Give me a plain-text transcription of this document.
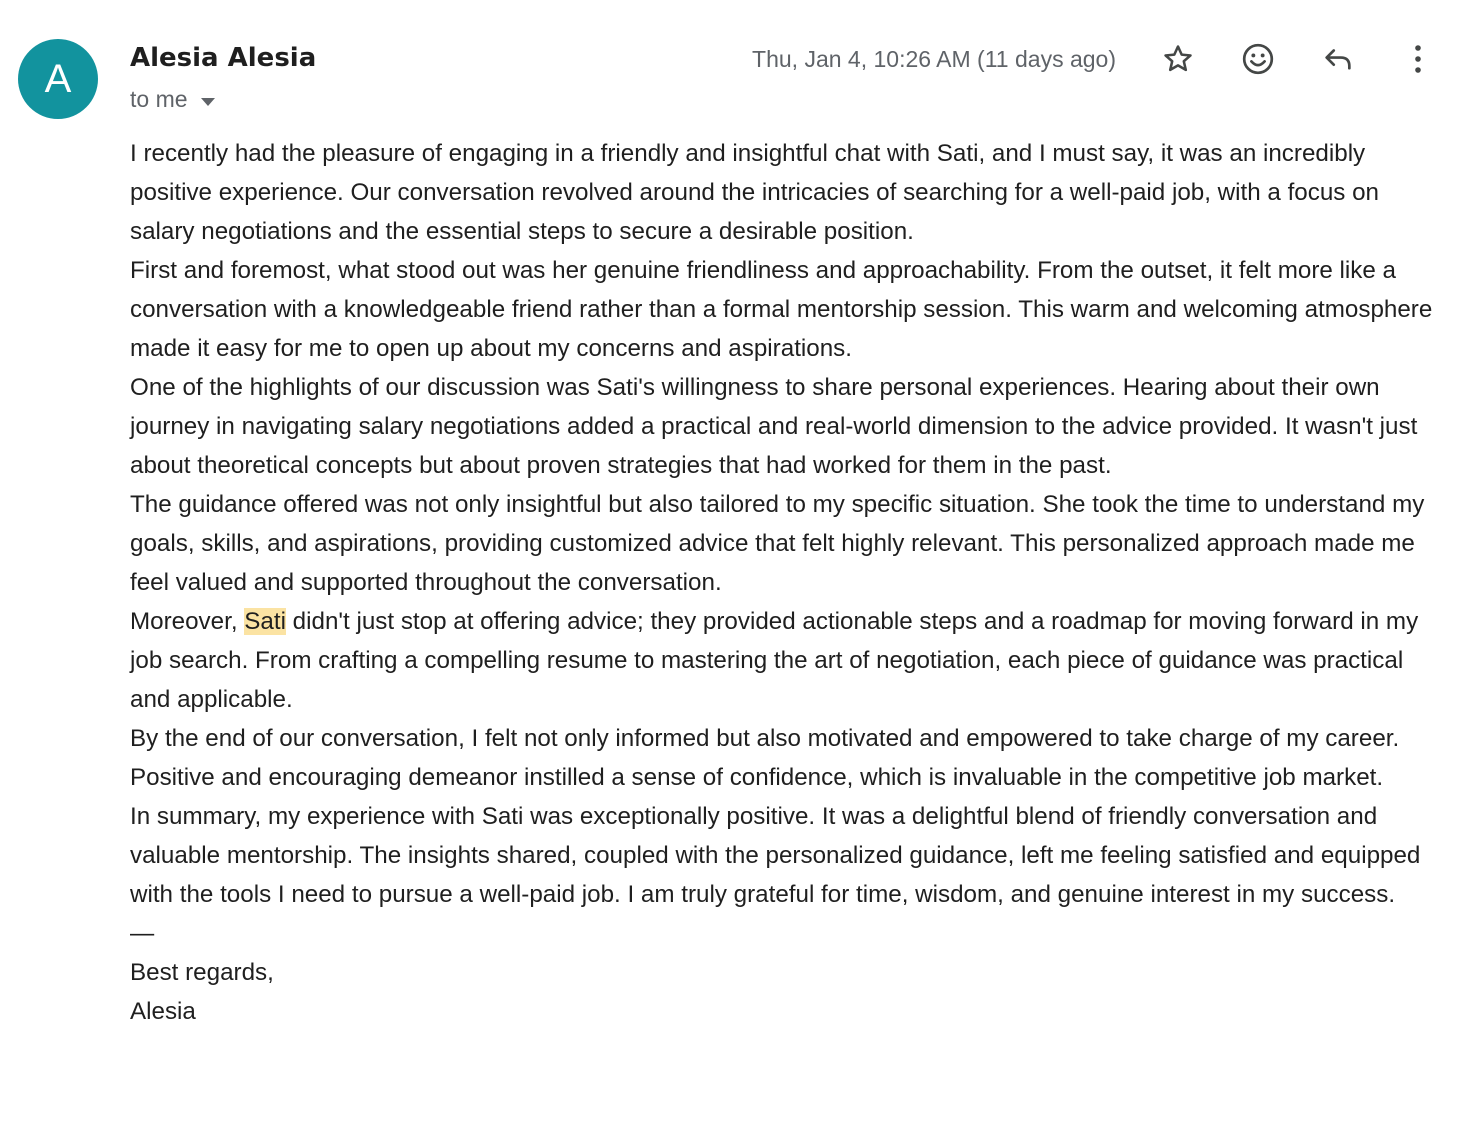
A	Alesia Alesia
to me
Thu, Jan 4, 10:26 AM (11 days ago)

I recently had the pleasure of engaging in a friendly and insightful chat with Sati, and I must say, it was an incredibly positive experience. Our conversation revolved around the intricacies of searching for a well-paid job, with a focus on salary negotiations and the essential steps to secure a desirable position.

First and foremost, what stood out was her genuine friendliness and approachability. From the outset, it felt more like a conversation with a knowledgeable friend rather than a formal mentorship session. This warm and welcoming atmosphere made it easy for me to open up about my concerns and aspirations.

One of the highlights of our discussion was Sati's willingness to share personal experiences. Hearing about their own journey in navigating salary negotiations added a practical and real-world dimension to the advice provided. It wasn't just about theoretical concepts but about proven strategies that had worked for them in the past.

The guidance offered was not only insightful but also tailored to my specific situation. She took the time to understand my goals, skills, and aspirations, providing customized advice that felt highly relevant. This personalized approach made me feel valued and supported throughout the conversation.

Moreover, Sati didn't just stop at offering advice; they provided actionable steps and a roadmap for moving forward in my job search. From crafting a compelling resume to mastering the art of negotiation, each piece of guidance was practical and applicable.

By the end of our conversation, I felt not only informed but also motivated and empowered to take charge of my career. Positive and encouraging demeanor instilled a sense of confidence, which is invaluable in the competitive job market.

In summary, my experience with Sati was exceptionally positive. It was a delightful blend of friendly conversation and valuable mentorship. The insights shared, coupled with the personalized guidance, left me feeling satisfied and equipped with the tools I need to pursue a well-paid job. I am truly grateful for time, wisdom, and genuine interest in my success.

—

Best regards,

Alesia
